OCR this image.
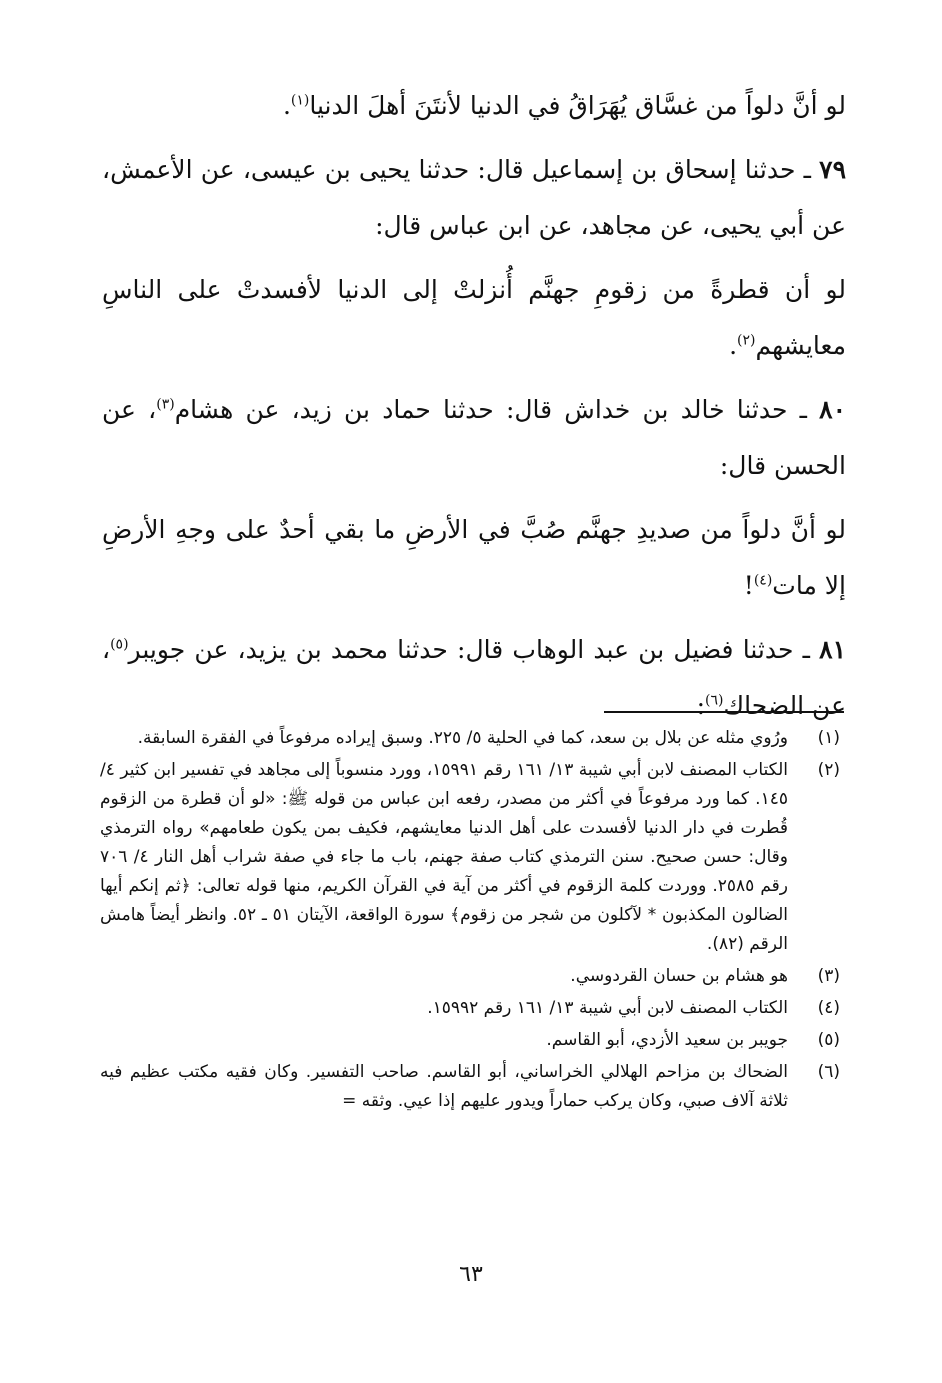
لو أنَّ دلواً من غسَّاق يُهَرَاقُ في الدنيا لأنتَنَ أهلَ الدنيا$^{(١)}$.

٧٩ ـ حدثنا إسحاق بن إسماعيل قال: حدثنا يحيى بن عيسى، عن الأعمش، عن أبي يحيى، عن مجاهد، عن ابن عباس قال:

لو أن قطرةً من زقومِ جهنَّم أُنزلتْ إلى الدنيا لأفسدتْ على الناسِ معايشهم$^{(٢)}$.

٨٠ ـ حدثنا خالد بن خداش قال: حدثنا حماد بن زيد، عن هشام$^{(٣)}$، عن الحسن قال:

لو أنَّ دلواً من صديدِ جهنَّم صُبَّ في الأرضِ ما بقي أحدٌ على وجهِ الأرضِ إلا مات$^{(٤)}$!

٨١ ـ حدثنا فضيل بن عبد الوهاب قال: حدثنا محمد بن يزيد، عن جويبر$^{(٥)}$، عن الضحاك$^{(٦)}$:

(١)
ورُوي مثله عن بلال بن سعد، كما في الحلية ٥/ ٢٢٥. وسبق إيراده مرفوعاً في الفقرة السابقة.
(٢)
الكتاب المصنف لابن أبي شيبة ١٣/ ١٦١ رقم ١٥٩٩١، وورد منسوباً إلى مجاهد في تفسير ابن كثير ٤/ ١٤٥. كما ورد مرفوعاً في أكثر من مصدر، رفعه ابن عباس من قوله ﷺ: «لو أن قطرة من الزقوم قُطرت في دار الدنيا لأفسدت على أهل الدنيا معايشهم، فكيف بمن يكون طعامهم» رواه الترمذي وقال: حسن صحيح. سنن الترمذي كتاب صفة جهنم، باب ما جاء في صفة شراب أهل النار ٤/ ٧٠٦ رقم ٢٥٨٥. ووردت كلمة الزقوم في أكثر من آية في القرآن الكريم، منها قوله تعالى: ﴿ثم إنكم أيها الضالون المكذبون * لآكلون من شجر من زقوم﴾ سورة الواقعة، الآيتان ٥١ ـ ٥٢. وانظر أيضاً هامش الرقم (٨٢).
(٣)
هو هشام بن حسان القردوسي.
(٤)
الكتاب المصنف لابن أبي شيبة ١٣/ ١٦١ رقم ١٥٩٩٢.
(٥)
جويبر بن سعيد الأزدي، أبو القاسم.
(٦)
الضحاك بن مزاحم الهلالي الخراساني، أبو القاسم. صاحب التفسير. وكان فقيه مكتب عظيم فيه ثلاثة آلاف صبي، وكان يركب حماراً ويدور عليهم إذا عيي. وثقه =
٦٣
